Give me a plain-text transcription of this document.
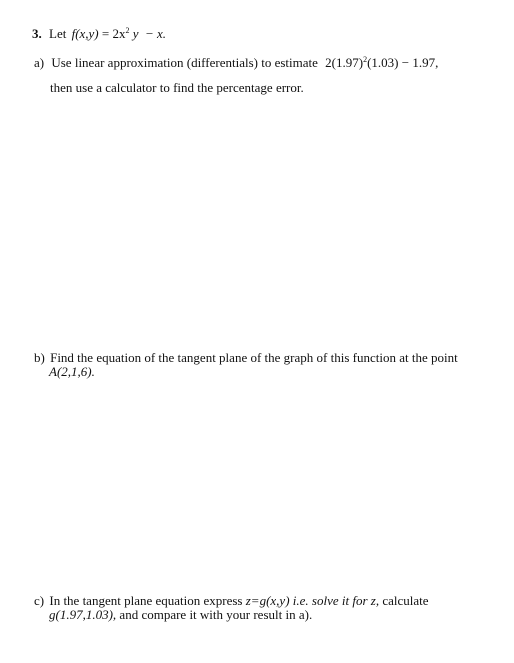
3. Let $f(x,y) = 2x^2$ y  − x.
a) Use linear approximation (differentials) to estimate $2(1.97)^2(1.03) - 1.97$,
then use a calculator to find the percentage error.
b) Find the equation of the tangent plane of the graph of this function at the point
A(2,1,6).
c) In the tangent plane equation express z=g(x,y) i.e. solve it for z, calculate
g(1.97,1.03), and compare it with your result in a).
